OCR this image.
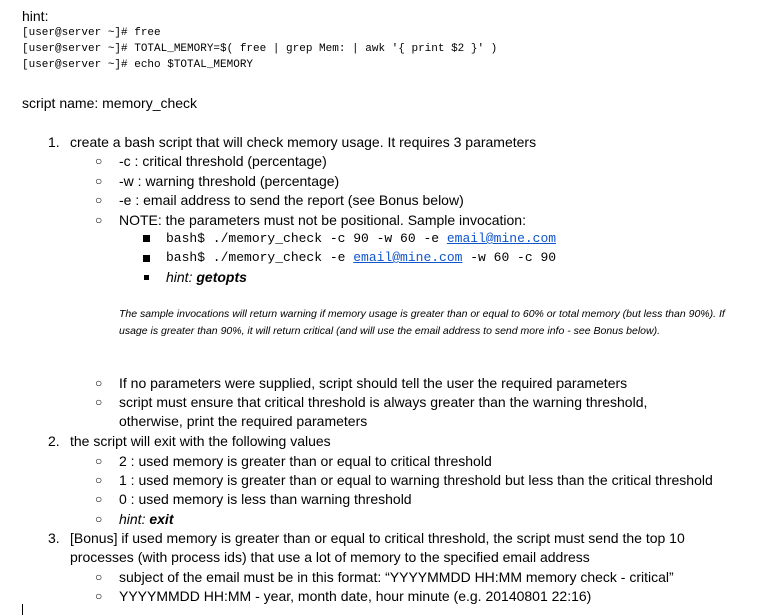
hint:
[user@server ~]# free
[user@server ~]# TOTAL_MEMORY=$( free | grep Mem: | awk '{ print $2 }' )
[user@server ~]# echo $TOTAL_MEMORY
script name: memory_check
1. create a bash script that will check memory usage. It requires 3 parameters
○ -c : critical threshold (percentage)
○ -w : warning threshold (percentage)
○ -e : email address to send the report (see Bonus below)
○ NOTE: the parameters must not be positional. Sample invocation:
bash$ ./memory_check -c 90 -w 60 -e email@mine.com
bash$ ./memory_check -e email@mine.com -w 60 -c 90
hint: getopts
The sample invocations will return warning if memory usage is greater than or equal to 60% or total memory (but less than 90%). If usage is greater than 90%, it will return critical (and will use the email address to send more info - see Bonus below).
○ If no parameters were supplied, script should tell the user the required parameters
○ script must ensure that critical threshold is always greater than the warning threshold,
otherwise, print the required parameters
2. the script will exit with the following values
○ 2 : used memory is greater than or equal to critical threshold
○ 1 : used memory is greater than or equal to warning threshold but less than the critical threshold
○ 0 : used memory is less than warning threshold
○ hint: exit
3. [Bonus] if used memory is greater than or equal to critical threshold, the script must send the top 10
processes (with process ids) that use a lot of memory to the specified email address
○ subject of the email must be in this format: “YYYYMMDD HH:MM memory check - critical”
○ YYYYMMDD HH:MM - year, month date, hour minute (e.g. 20140801 22:16)
